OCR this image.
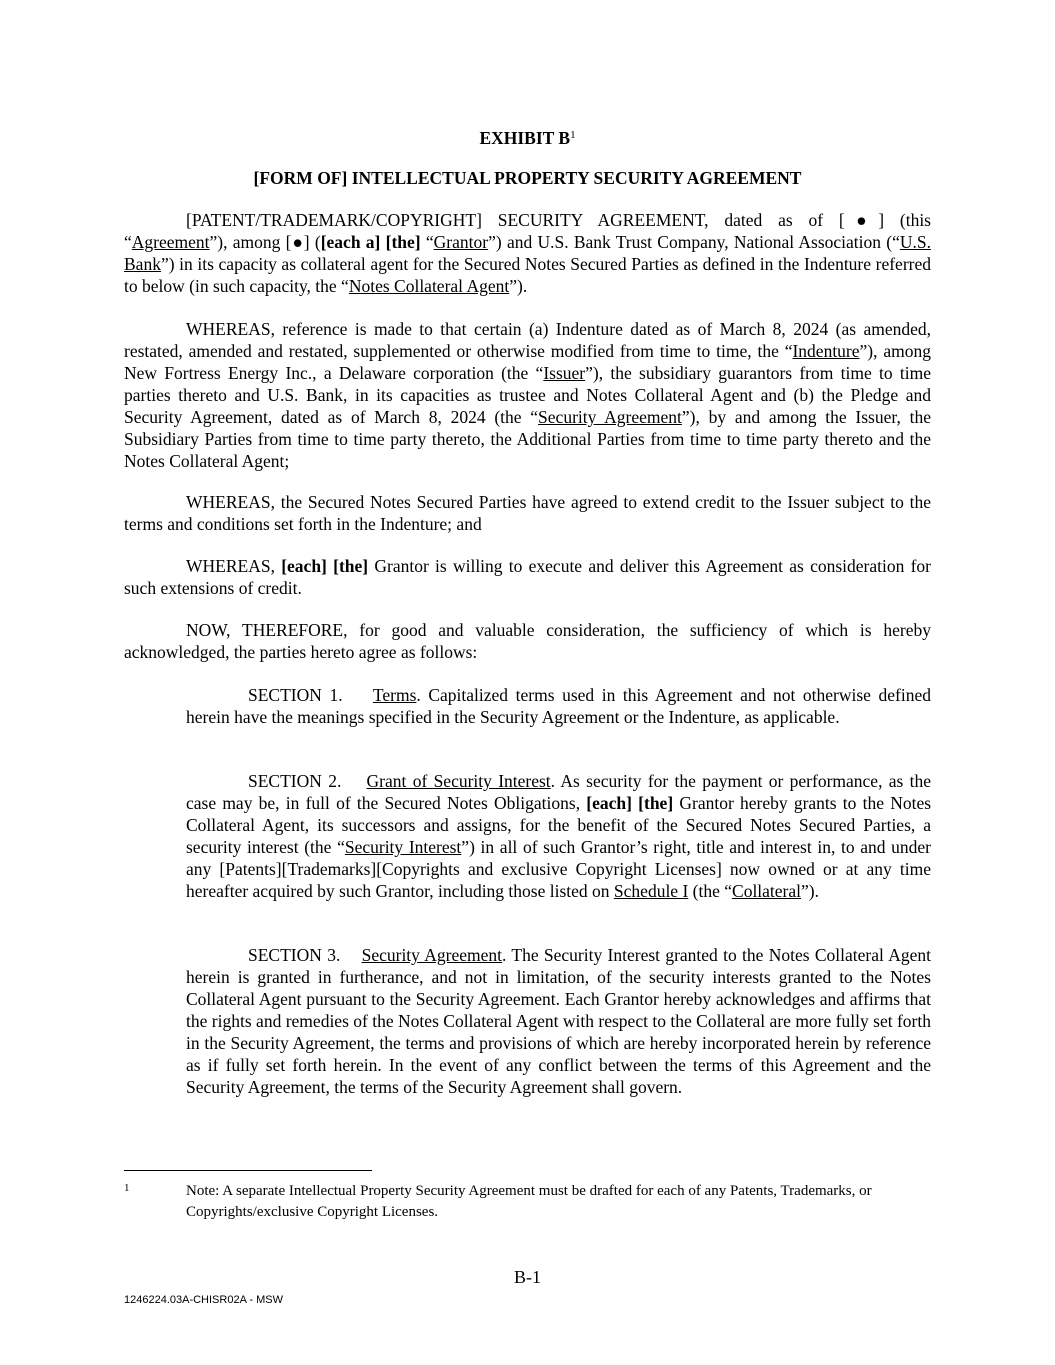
EXHIBIT $B^1$
[FORM OF] INTELLECTUAL PROPERTY SECURITY AGREEMENT

[PATENT/TRADEMARK/COPYRIGHT] SECURITY AGREEMENT, dated as of [●] (this “Agreement”), among [●] ([each a] [the] “Grantor”) and U.S. Bank Trust Company, National Association (“U.S. Bank”) in its capacity as collateral agent for the Secured Notes Secured Parties as defined in the Indenture referred to below (in such capacity, the “Notes Collateral Agent”).

WHEREAS, reference is made to that certain (a) Indenture dated as of March 8, 2024 (as amended, restated, amended and restated, supplemented or otherwise modified from time to time, the “Indenture”), among New Fortress Energy Inc., a Delaware corporation (the “Issuer”), the subsidiary guarantors from time to time parties thereto and U.S. Bank, in its capacities as trustee and Notes Collateral Agent and (b) the Pledge and Security Agreement, dated as of March 8, 2024 (the “Security Agreement”), by and among the Issuer, the Subsidiary Parties from time to time party thereto, the Additional Parties from time to time party thereto and the Notes Collateral Agent;

WHEREAS, the Secured Notes Secured Parties have agreed to extend credit to the Issuer subject to the terms and conditions set forth in the Indenture; and

WHEREAS, [each] [the] Grantor is willing to execute and deliver this Agreement as consideration for such extensions of credit.

NOW, THEREFORE, for good and valuable consideration, the sufficiency of which is hereby acknowledged, the parties hereto agree as follows:

SECTION 1. Terms. Capitalized terms used in this Agreement and not otherwise defined herein have the meanings specified in the Security Agreement or the Indenture, as applicable.

SECTION 2. Grant of Security Interest. As security for the payment or performance, as the case may be, in full of the Secured Notes Obligations, [each] [the] Grantor hereby grants to the Notes Collateral Agent, its successors and assigns, for the benefit of the Secured Notes Secured Parties, a security interest (the “Security Interest”) in all of such Grantor’s right, title and interest in, to and under any [Patents][Trademarks][Copyrights and exclusive Copyright Licenses] now owned or at any time hereafter acquired by such Grantor, including those listed on Schedule I (the “Collateral”).

SECTION 3. Security Agreement. The Security Interest granted to the Notes Collateral Agent herein is granted in furtherance, and not in limitation, of the security interests granted to the Notes Collateral Agent pursuant to the Security Agreement. Each Grantor hereby acknowledges and affirms that the rights and remedies of the Notes Collateral Agent with respect to the Collateral are more fully set forth in the Security Agreement, the terms and provisions of which are hereby incorporated herein by reference as if fully set forth herein. In the event of any conflict between the terms of this Agreement and the Security Agreement, the terms of the Security Agreement shall govern.

1	Note: A separate Intellectual Property Security Agreement must be drafted for each of any Patents, Trademarks, or Copyrights/exclusive Copyright Licenses.

B-1
1246224.03A-CHISR02A - MSW
